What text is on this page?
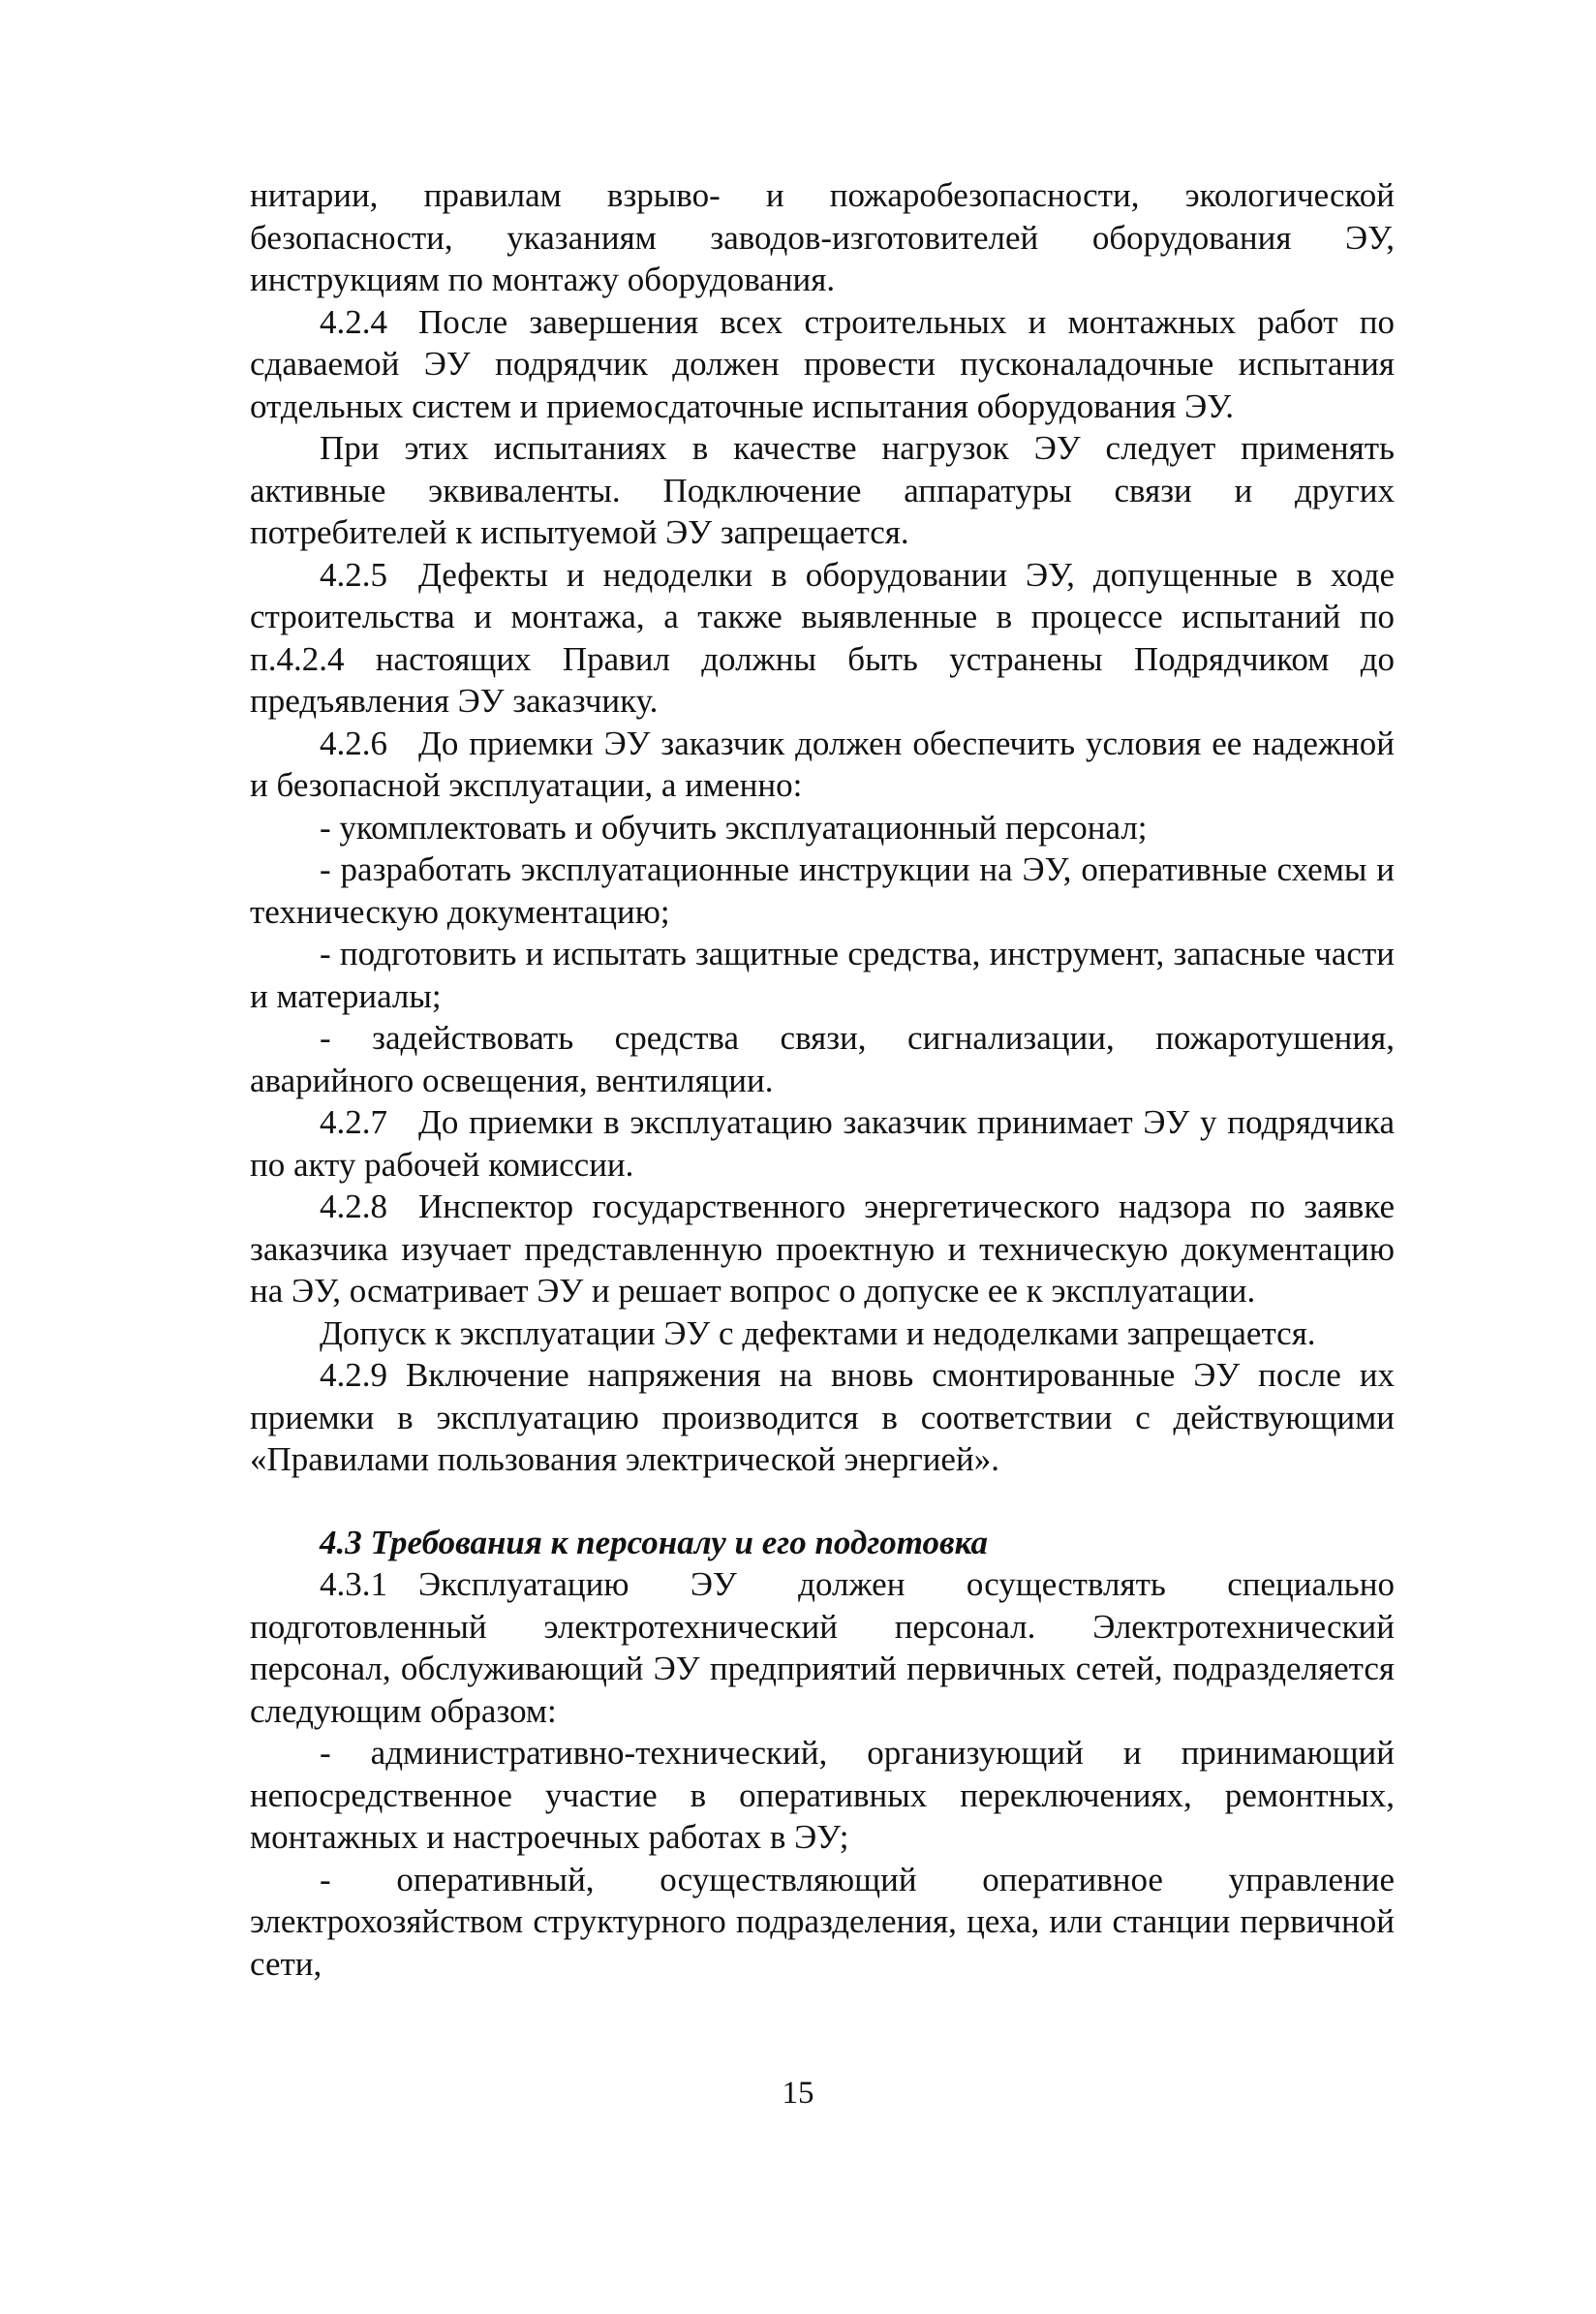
нитарии, правилам взрыво- и пожаробезопасности, экологической безопасности, указаниям заводов-изготовителей оборудования ЭУ, инструкциям по монтажу оборудования.

4.2.4 После завершения всех строительных и монтажных работ по сдаваемой ЭУ подрядчик должен провести пусконаладочные испытания отдельных систем и приемосдаточные испытания оборудования ЭУ.

При этих испытаниях в качестве нагрузок ЭУ следует применять активные эквиваленты. Подключение аппаратуры связи и других потребителей к испытуемой ЭУ запрещается.

4.2.5 Дефекты и недоделки в оборудовании ЭУ, допущенные в ходе строительства и монтажа, а также выявленные в процессе испытаний по п.4.2.4 настоящих Правил должны быть устранены Подрядчиком до предъявления ЭУ заказчику.

4.2.6 До приемки ЭУ заказчик должен обеспечить условия ее надежной и безопасной эксплуатации, а именно:

- укомплектовать и обучить эксплуатационный персонал;

- разработать эксплуатационные инструкции на ЭУ, оперативные схемы и техническую документацию;

- подготовить и испытать защитные средства, инструмент, запасные части и материалы;

- задействовать средства связи, сигнализации, пожаротушения, аварийного освещения, вентиляции.

4.2.7 До приемки в эксплуатацию заказчик принимает ЭУ у подрядчика по акту рабочей комиссии.

4.2.8 Инспектор государственного энергетического надзора по заявке заказчика изучает представленную проектную и техническую документацию на ЭУ, осматривает ЭУ и решает вопрос о допуске ее к эксплуатации.

Допуск к эксплуатации ЭУ с дефектами и недоделками запрещается.

4.2.9 Включение напряжения на вновь смонтированные ЭУ после их приемки в эксплуатацию производится в соответствии с действующими «Правилами пользования электрической энергией».

4.3 Требования к персоналу и его подготовка

4.3.1 Эксплуатацию ЭУ должен осуществлять специально подготовленный электротехнический персонал. Электротехнический персонал, обслуживающий ЭУ предприятий первичных сетей, подразделяется следующим образом:

- административно-технический, организующий и принимающий непосредственное участие в оперативных переключениях, ремонтных, монтажных и настроечных работах в ЭУ;

- оперативный, осуществляющий оперативное управление электрохозяйством структурного подразделения, цеха, или станции первичной сети,

15
